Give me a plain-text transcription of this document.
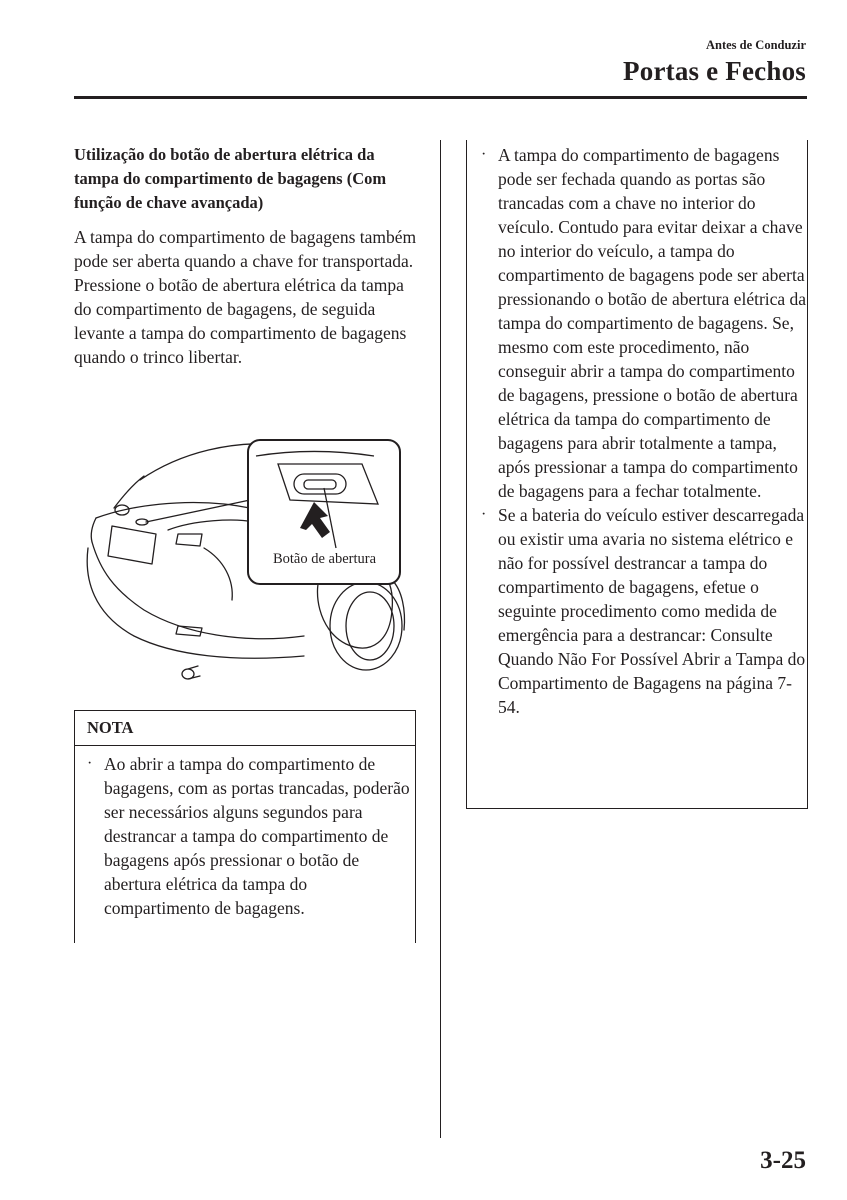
Antes de Conduzir
Portas e Fechos
Utilização do botão de abertura elétrica da tampa do compartimento de bagagens (Com função de chave avançada)

A tampa do compartimento de bagagens também pode ser aberta quando a chave for transportada.

Pressione o botão de abertura elétrica da tampa do compartimento de bagagens, de seguida levante a tampa do compartimento de bagagens quando o trinco libertar.

Botão de abertura
NOTA

· Ao abrir a tampa do compartimento de bagagens, com as portas trancadas, poderão ser necessários alguns segundos para destrancar a tampa do compartimento de bagagens após pressionar o botão de abertura elétrica da tampa do compartimento de bagagens.

· A tampa do compartimento de bagagens pode ser fechada quando as portas são trancadas com a chave no interior do veículo. Contudo para evitar deixar a chave no interior do veículo, a tampa do compartimento de bagagens pode ser aberta pressionando o botão de abertura elétrica da tampa do compartimento de bagagens. Se, mesmo com este procedimento, não conseguir abrir a tampa do compartimento de bagagens, pressione o botão de abertura elétrica da tampa do compartimento de bagagens para abrir totalmente a tampa, após pressionar a tampa do compartimento de bagagens para a fechar totalmente.

· Se a bateria do veículo estiver descarregada ou existir uma avaria no sistema elétrico e não for possível destrancar a tampa do compartimento de bagagens, efetue o seguinte procedimento como medida de emergência para a destrancar: Consulte Quando Não For Possível Abrir a Tampa do Compartimento de Bagagens na página 7-54.

3-25
